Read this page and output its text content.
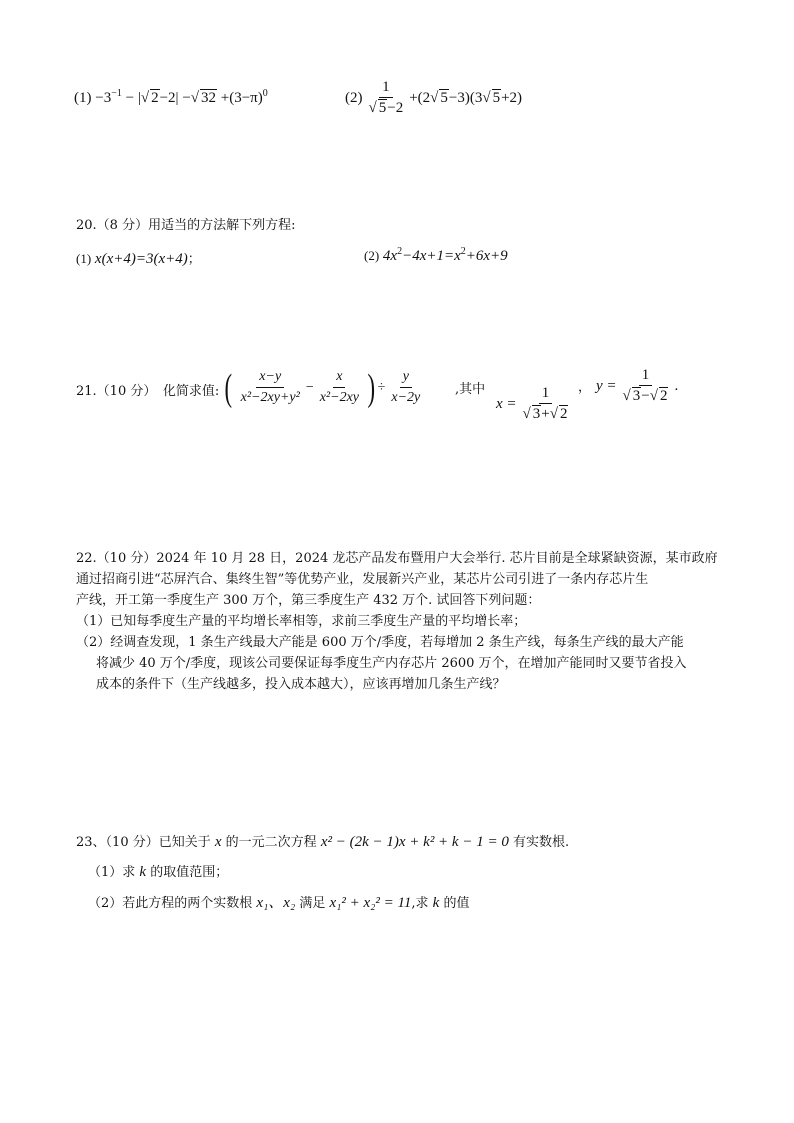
$(1) -3^{-1}$ − |√ 2−2| −√ $32 +(3-\pi)^0$	$(2) \frac{1}{√ 5-2} +(2$ √ 5 −3)(3 √ 5 +2)
20.（8 分）用适当的方法解下列方程:
(1) x(x+4)=3(x+4)；	(2) $4x^2-4x+1=x^2+6x+9$
21.（10 分）　化简求值: ( $\frac{x-y}{\text{x²−2xy+y²}} - \frac{x}{\text{x²−2xy}}$ ) ÷ $\frac{y}{x-2y}$ ,其中
$x = \frac{1}{√ 3+√ 2}$ ， $y = \frac{1}{√ 3-√ 2}$ .
22.（10 分）2024 年 10 月 28 日，2024 龙芯产品发布暨用户大会举行. 芯片目前是全球紧缺资源，某市政府
通过招商引进“芯屏汽合、集终生智”等优势产业，发展新兴产业，某芯片公司引进了一条内存芯片生
产线，开工第一季度生产 300 万个，第三季度生产 432 万个. 试回答下列问题：
（1）已知每季度生产量的平均增长率相等，求前三季度生产量的平均增长率；
（2）经调查发现，1 条生产线最大产能是 600 万个/季度，若每增加 2 条生产线，每条生产线的最大产能
将减少 40 万个/季度，现该公司要保证每季度生产内存芯片 2600 万个，在增加产能同时又要节省投入
成本的条件下（生产线越多，投入成本越大），应该再增加几条生产线？
23、（10 分）已知关于 x 的一元二次方程 x² − (2k − 1)x + k² + k − 1 = 0 有实数根.
（1）求 k 的取值范围；
（2）若此方程的两个实数根 x₁、x₂ 满足 x₁² + x₂² = 11,求 k 的值
